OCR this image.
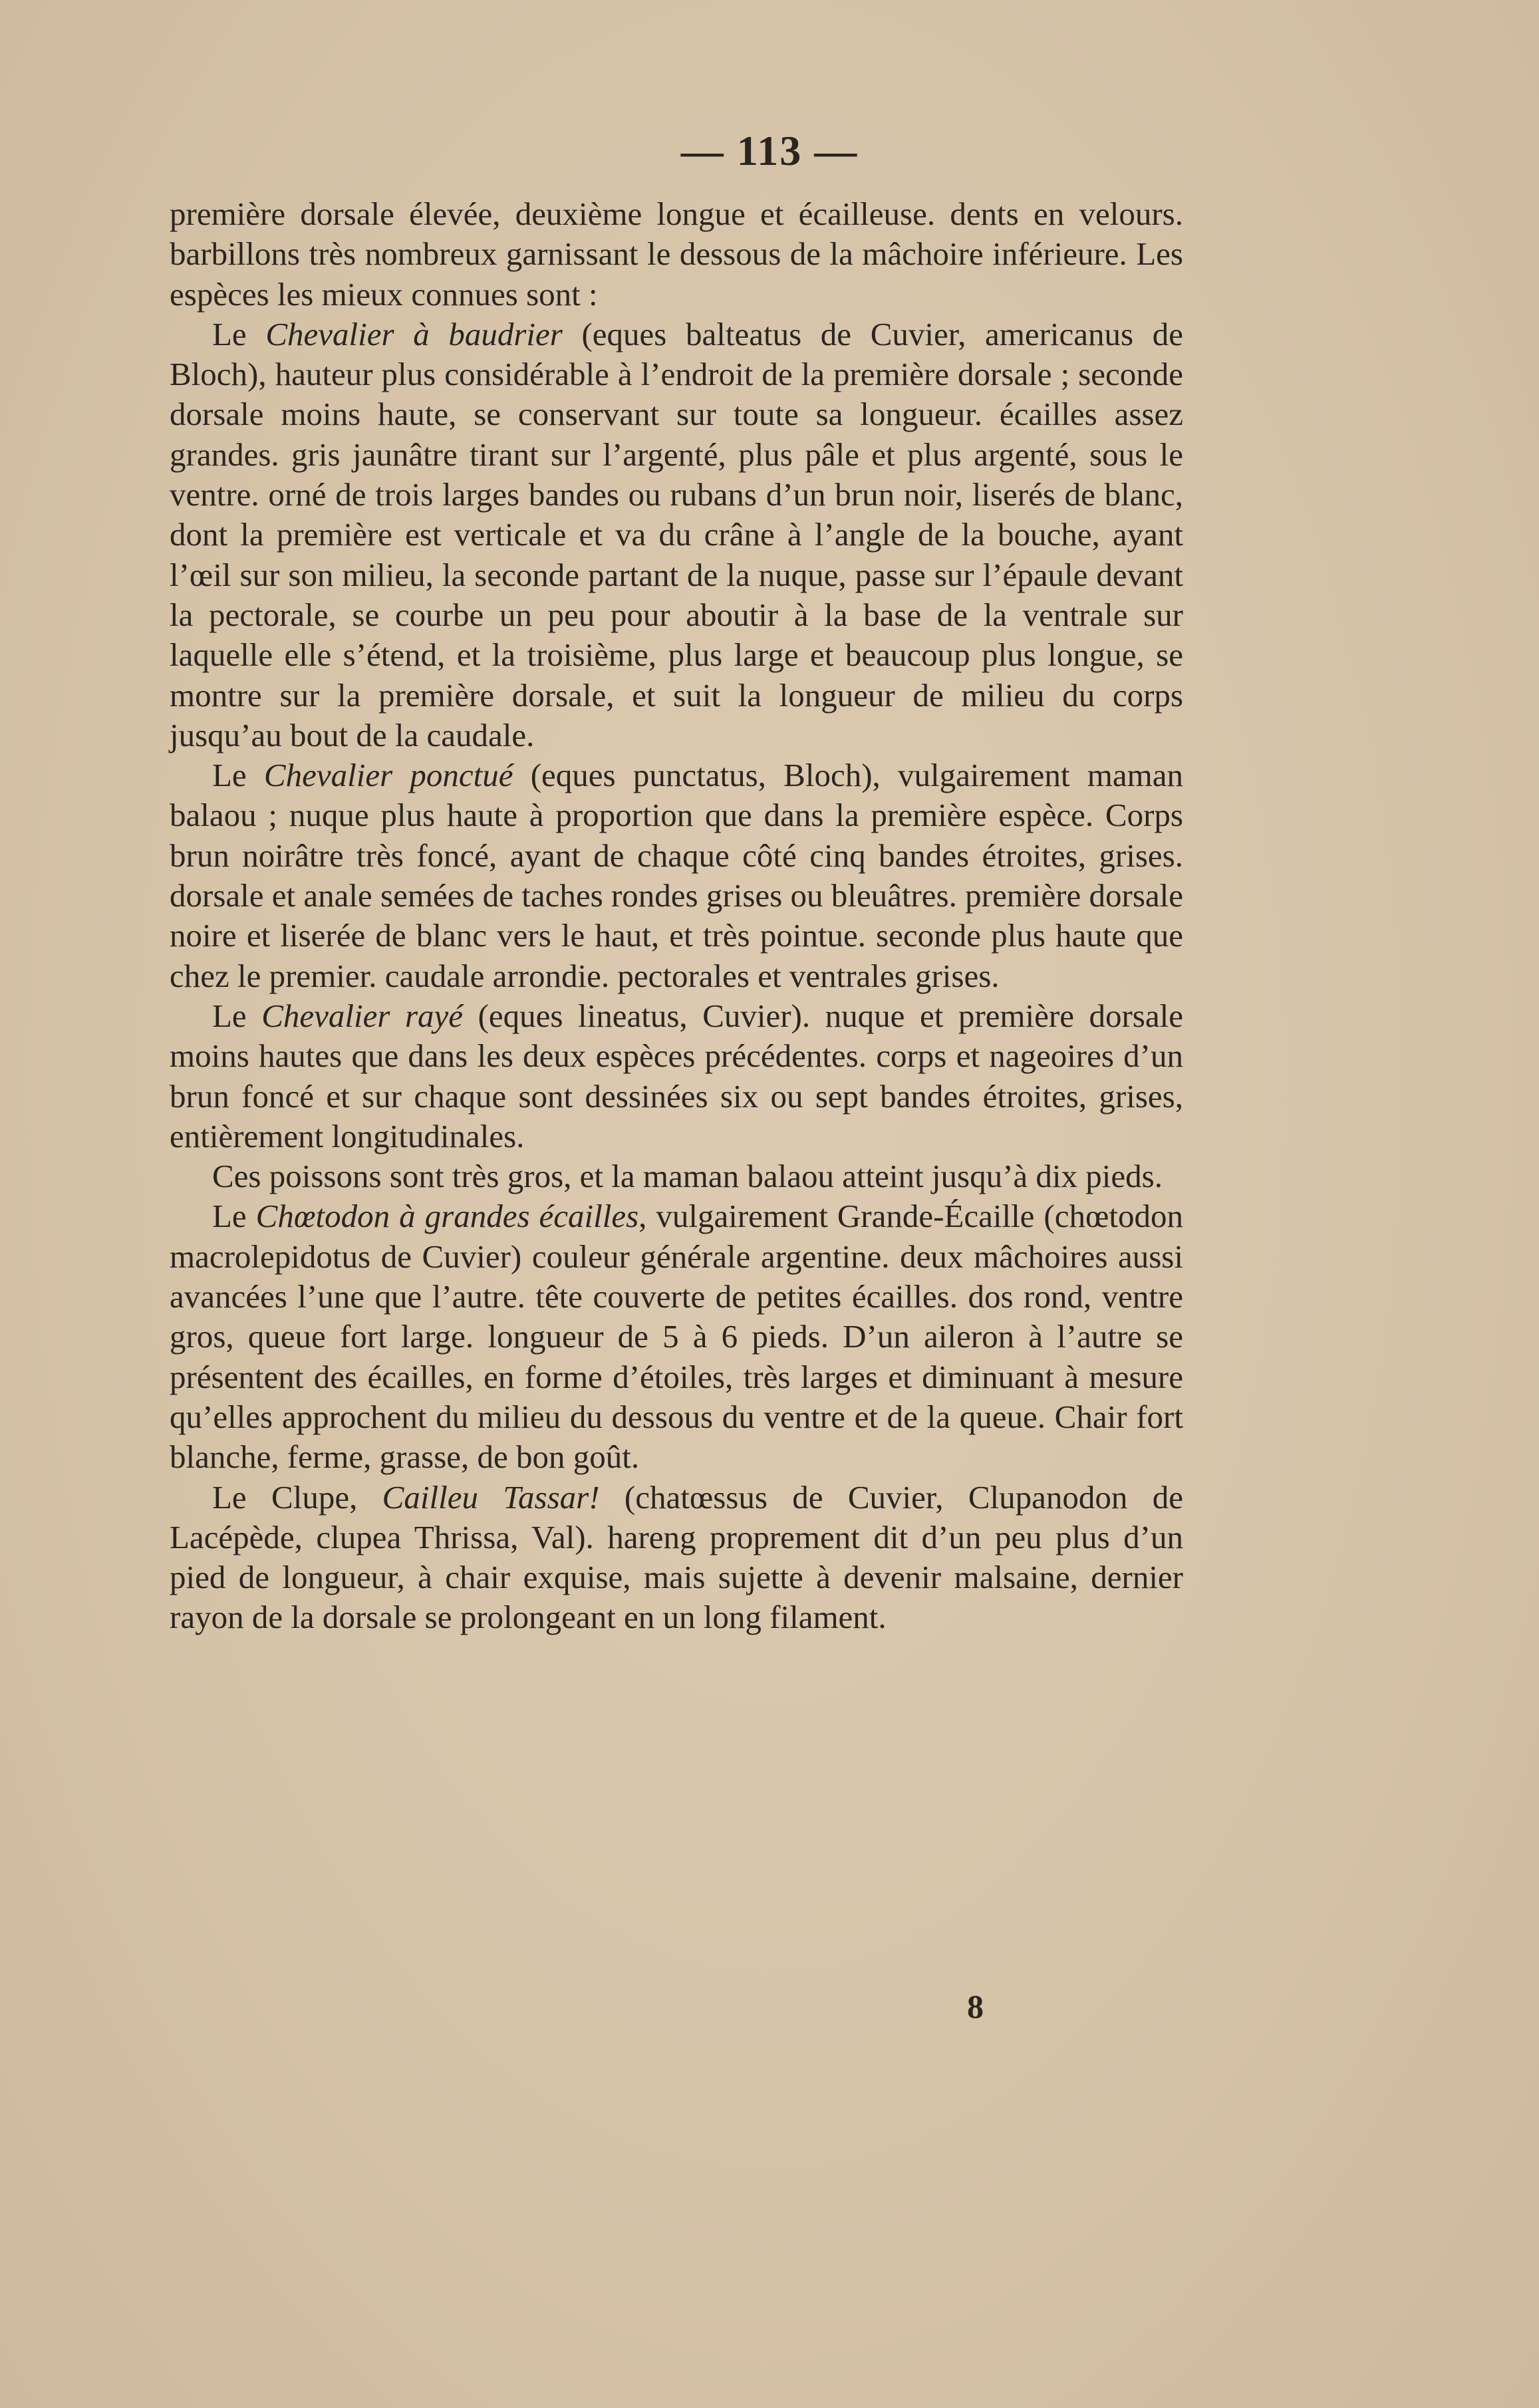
— 113 —

première dorsale élevée, deuxième longue et écailleuse. dents en velours. barbillons très nombreux garnissant le dessous de la mâchoire inférieure. Les espèces les mieux connues sont :

Le Chevalier à baudrier (eques balteatus de Cuvier, americanus de Bloch), hauteur plus considérable à l’endroit de la première dorsale ; seconde dorsale moins haute, se conservant sur toute sa longueur. écailles assez grandes. gris jaunâtre tirant sur l’argenté, plus pâle et plus argenté, sous le ventre. orné de trois larges bandes ou rubans d’un brun noir, liserés de blanc, dont la première est verticale et va du crâne à l’angle de la bouche, ayant l’œil sur son milieu, la seconde partant de la nuque, passe sur l’épaule devant la pectorale, se courbe un peu pour aboutir à la base de la ventrale sur laquelle elle s’étend, et la troisième, plus large et beaucoup plus longue, se montre sur la première dorsale, et suit la longueur de milieu du corps jusqu’au bout de la caudale.

Le Chevalier ponctué (eques punctatus, Bloch), vulgairement maman balaou ; nuque plus haute à proportion que dans la première espèce. Corps brun noirâtre très foncé, ayant de chaque côté cinq bandes étroites, grises. dorsale et anale semées de taches rondes grises ou bleuâtres. première dorsale noire et liserée de blanc vers le haut, et très pointue. seconde plus haute que chez le premier. caudale arrondie. pectorales et ventrales grises.

Le Chevalier rayé (eques lineatus, Cuvier). nuque et première dorsale moins hautes que dans les deux espèces précédentes. corps et nageoires d’un brun foncé et sur chaque sont dessinées six ou sept bandes étroites, grises, entièrement longitudinales.

Ces poissons sont très gros, et la maman balaou atteint jusqu’à dix pieds.

Le Chœtodon à grandes écailles, vulgairement Grande-Écaille (chœtodon macrolepidotus de Cuvier) couleur générale argentine. deux mâchoires aussi avancées l’une que l’autre. tête couverte de petites écailles. dos rond, ventre gros, queue fort large. longueur de 5 à 6 pieds. D’un aileron à l’autre se présentent des écailles, en forme d’étoiles, très larges et diminuant à mesure qu’elles approchent du milieu du dessous du ventre et de la queue. Chair fort blanche, ferme, grasse, de bon goût.

Le Clupe, Cailleu Tassar! (chatœssus de Cuvier, Clupanodon de Lacépède, clupea Thrissa, Val). hareng proprement dit d’un peu plus d’un pied de longueur, à chair exquise, mais sujette à devenir malsaine, dernier rayon de la dorsale se prolongeant en un long filament.

8
